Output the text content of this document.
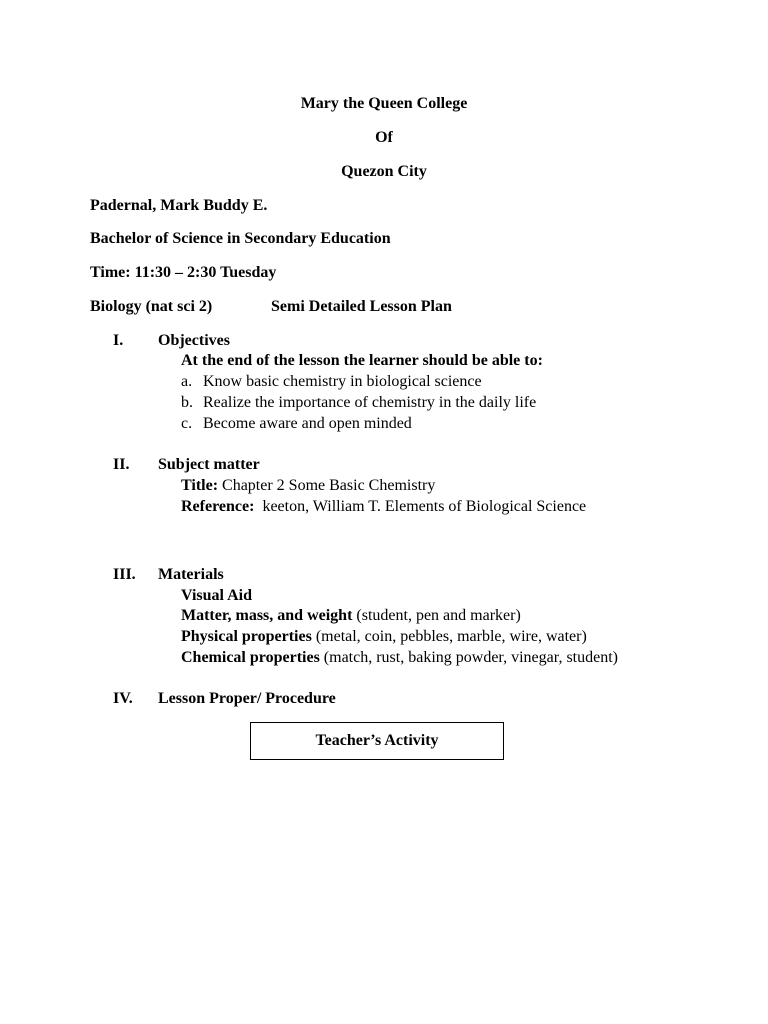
Mary the Queen College
Of
Quezon City
Padernal, Mark Buddy E.
Bachelor of Science in Secondary Education
Time: 11:30 – 2:30 Tuesday
Biology (nat sci 2)	Semi Detailed Lesson Plan
I. Objectives
At the end of the lesson the learner should be able to:
a. Know basic chemistry in biological science
b. Realize the importance of chemistry in the daily life
c. Become aware and open minded
II. Subject matter
Title: Chapter 2 Some Basic Chemistry
Reference: keeton, William T. Elements of Biological Science
III. Materials
Visual Aid
Matter, mass, and weight (student, pen and marker)
Physical properties (metal, coin, pebbles, marble, wire, water)
Chemical properties (match, rust, baking powder, vinegar, student)
IV. Lesson Proper/ Procedure
Teacher’s Activity
